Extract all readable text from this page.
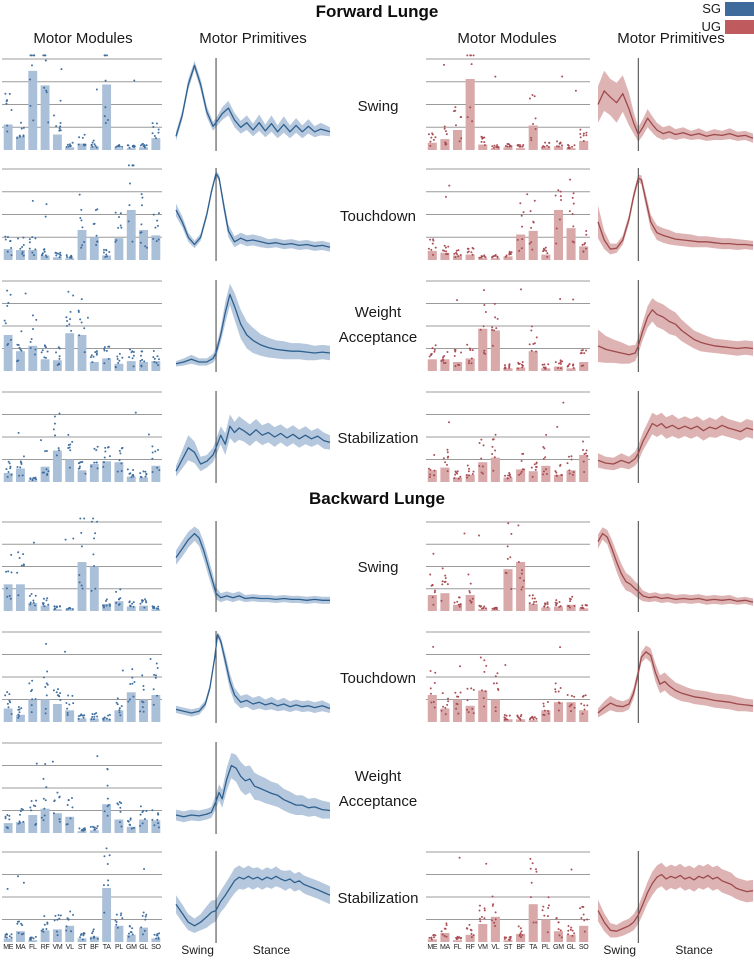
Forward Lunge
Backward Lunge
SG
UG
Motor Modules	Motor Primitives	Motor Modules	Motor Primitives
Swing
Touchdown
Weight Acceptance
Stabilization
Swing
Touchdown
Weight Acceptance
Stabilization
ME MA FL RF VM VL ST BF TA PL GM GL SO	ME MA FL RF VM VL ST BF TA PL GM GL SO
Swing	Stance	Swing	Stance
